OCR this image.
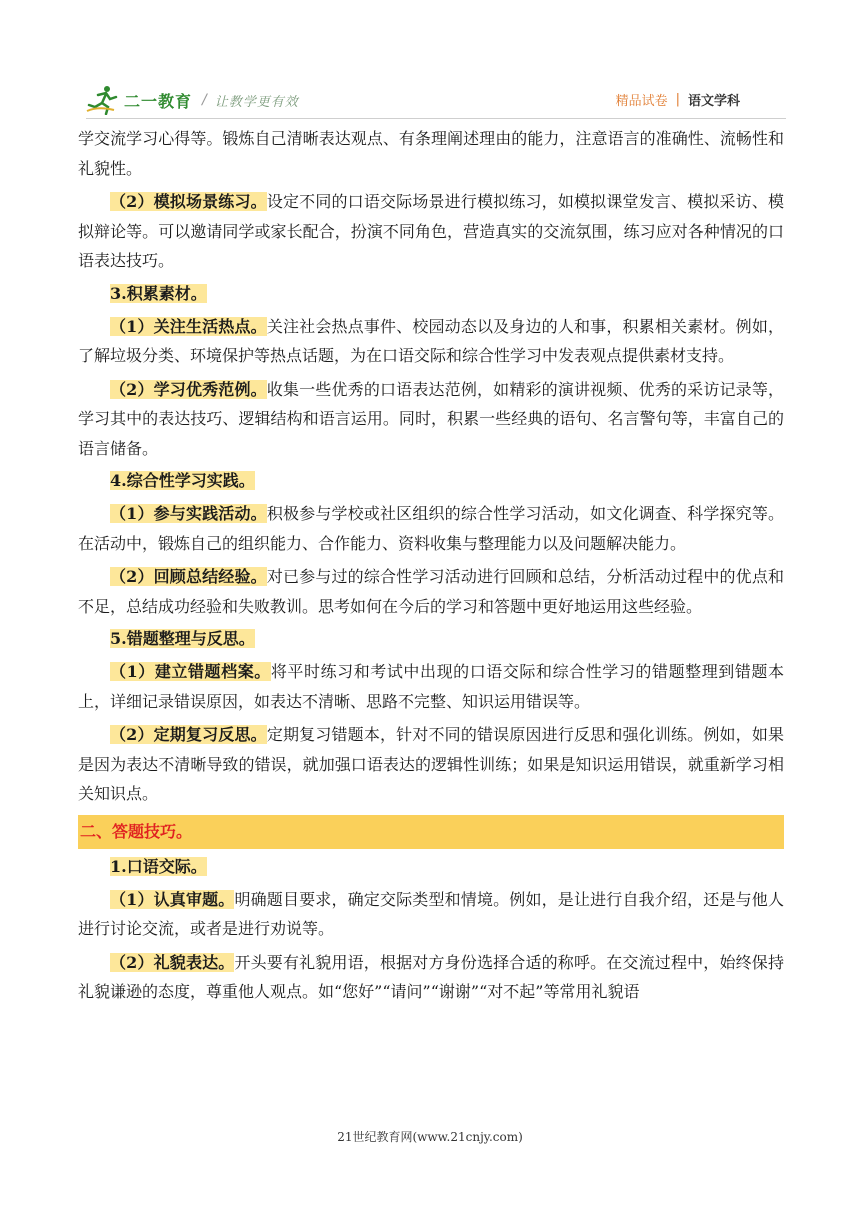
二一教育 / 让教学更有效	精品试卷 | 语文学科

学交流学习心得等。锻炼自己清晰表达观点、有条理阐述理由的能力，注意语言的准确性、流畅性和礼貌性。

（2）模拟场景练习。设定不同的口语交际场景进行模拟练习，如模拟课堂发言、模拟采访、模拟辩论等。可以邀请同学或家长配合，扮演不同角色，营造真实的交流氛围，练习应对各种情况的口语表达技巧。

3.积累素材。

（1）关注生活热点。关注社会热点事件、校园动态以及身边的人和事，积累相关素材。例如，了解垃圾分类、环境保护等热点话题，为在口语交际和综合性学习中发表观点提供素材支持。

（2）学习优秀范例。收集一些优秀的口语表达范例，如精彩的演讲视频、优秀的采访记录等，学习其中的表达技巧、逻辑结构和语言运用。同时，积累一些经典的语句、名言警句等，丰富自己的语言储备。

4.综合性学习实践。

（1）参与实践活动。积极参与学校或社区组织的综合性学习活动，如文化调查、科学探究等。在活动中，锻炼自己的组织能力、合作能力、资料收集与整理能力以及问题解决能力。

（2）回顾总结经验。对已参与过的综合性学习活动进行回顾和总结，分析活动过程中的优点和不足，总结成功经验和失败教训。思考如何在今后的学习和答题中更好地运用这些经验。

5.错题整理与反思。

（1）建立错题档案。将平时练习和考试中出现的口语交际和综合性学习的错题整理到错题本上，详细记录错误原因，如表达不清晰、思路不完整、知识运用错误等。

（2）定期复习反思。定期复习错题本，针对不同的错误原因进行反思和强化训练。例如，如果是因为表达不清晰导致的错误，就加强口语表达的逻辑性训练；如果是知识运用错误，就重新学习相关知识点。

二、答题技巧。
1.口语交际。

（1）认真审题。明确题目要求，确定交际类型和情境。例如，是让进行自我介绍，还是与他人进行讨论交流，或者是进行劝说等。

（2）礼貌表达。开头要有礼貌用语，根据对方身份选择合适的称呼。在交流过程中，始终保持礼貌谦逊的态度，尊重他人观点。如“您好”“请问”“谢谢”“对不起”等常用礼貌语

21世纪教育网(www.21cnjy.com)
